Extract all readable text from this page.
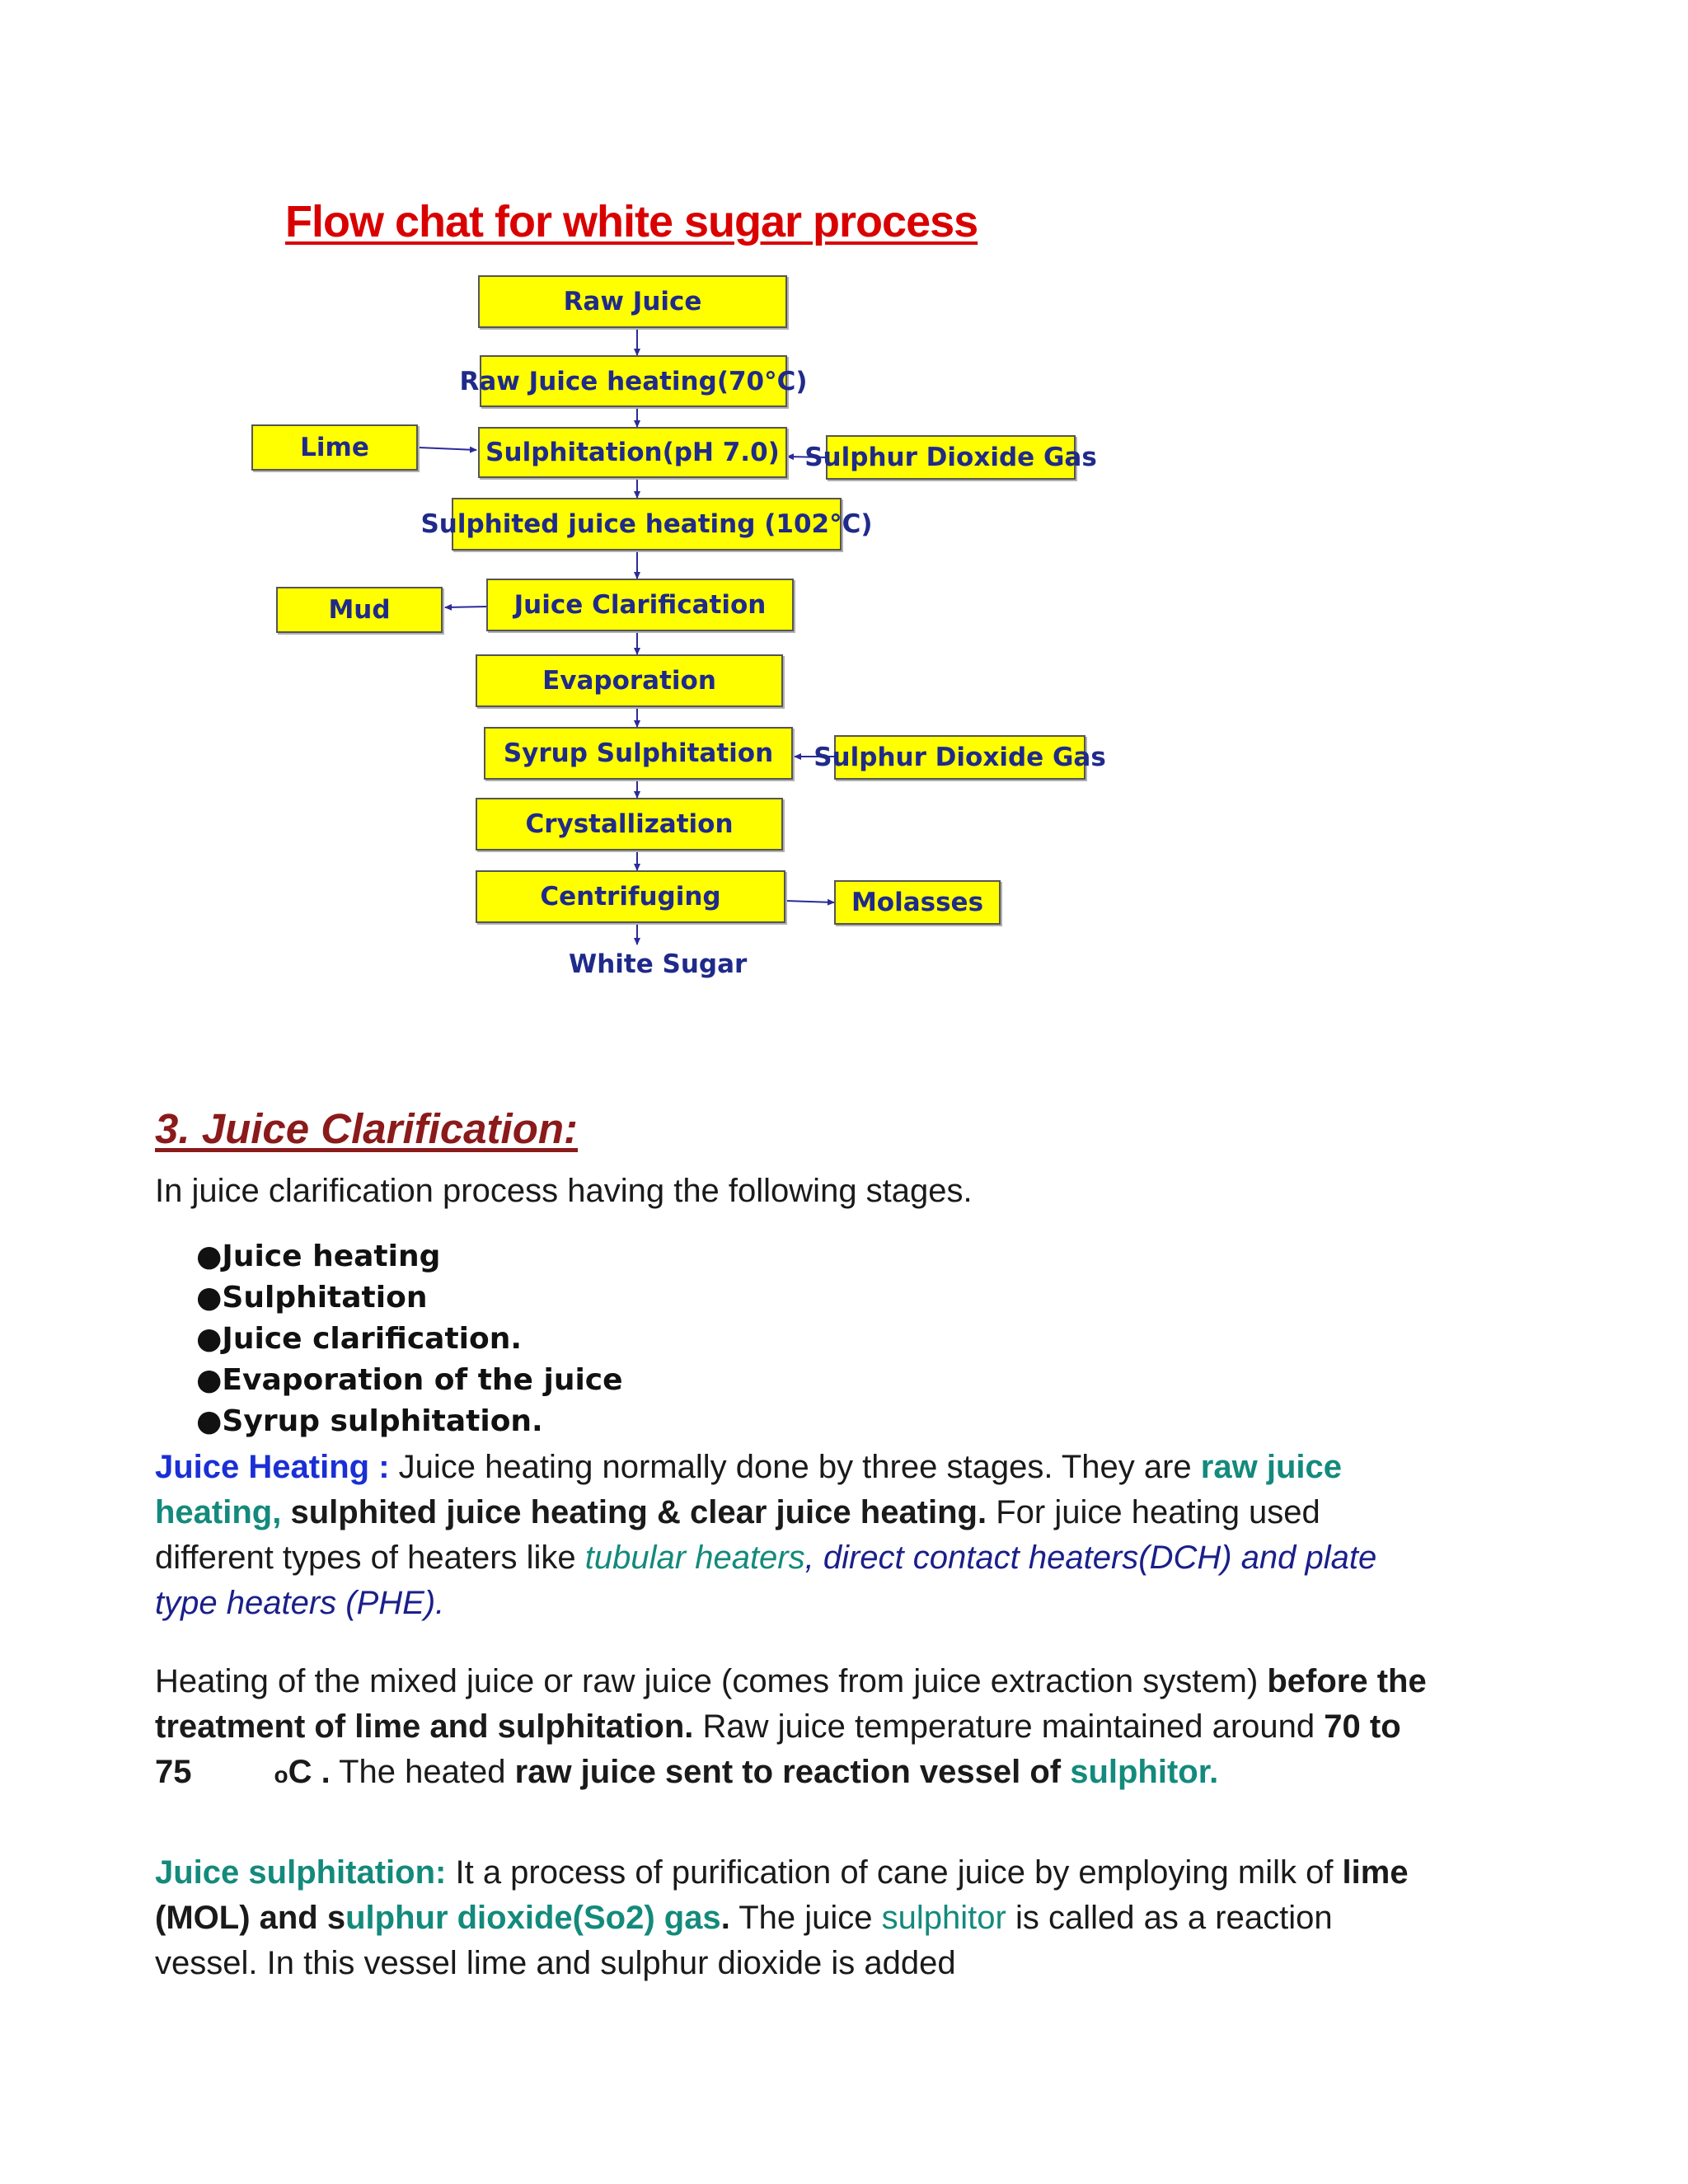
Flow chat for white sugar process
Raw Juice
Raw Juice heating(70°C)
Sulphitation(pH 7.0)
Sulphited juice heating (102°C)
Juice Clarification
Evaporation
Syrup Sulphitation
Crystallization
Centrifuging
Lime	Sulphur Dioxide Gas
Mud
Sulphur Dioxide Gas
Molasses
White Sugar
3. Juice Clarification:
In juice clarification process having the following stages.
●Juice heating
●Sulphitation
●Juice clarification.
●Evaporation of the juice
●Syrup sulphitation.

Juice Heating : Juice heating normally done by three stages. They are raw juice heating, sulphited juice heating & clear juice heating. For juice heating used different types of heaters like tubular heaters, direct contact heaters(DCH) and plate type heaters (PHE).

Heating of the mixed juice or raw juice (comes from juice extraction system) before the treatment of lime and sulphitation. Raw juice temperature maintained around 70 to 75	oC . The heated raw juice sent to reaction vessel of sulphitor.

Juice sulphitation: It a process of purification of cane juice by employing milk of lime (MOL) and sulphur dioxide(So2) gas. The juice sulphitor is called as a reaction vessel. In this vessel lime and sulphur dioxide is added
